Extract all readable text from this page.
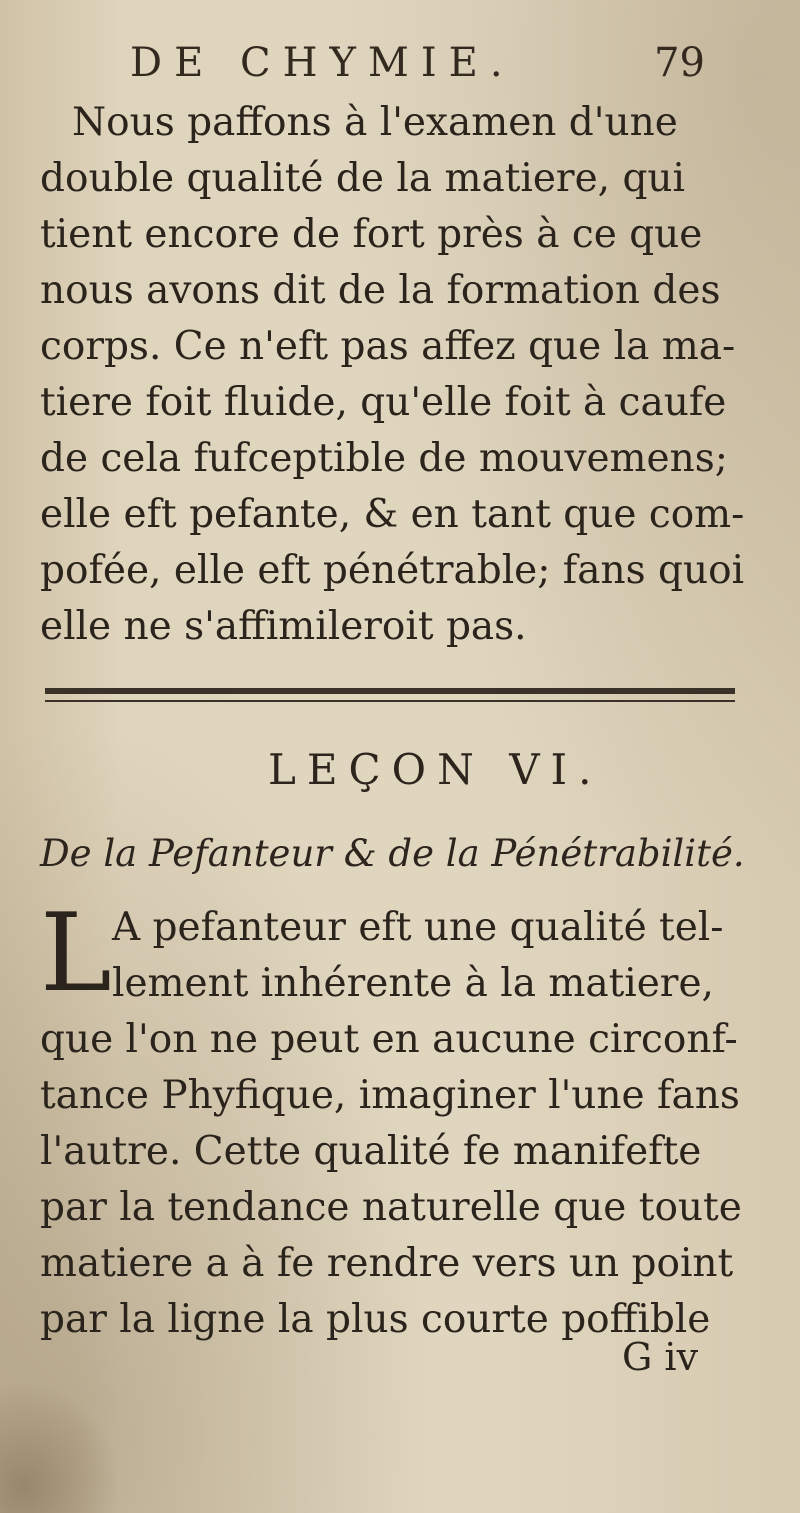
DE CHYMIE.	79
Nous paffons à l'examen d'une
double qualité de la matiere, qui
tient encore de fort près à ce que
nous avons dit de la formation des
corps. Ce n'eft pas affez que la ma-
tiere foit fluide, qu'elle foit à caufe
de cela fufceptible de mouvemens;
elle eft pefante, & en tant que com-
pofée, elle eft pénétrable; fans quoi
elle ne s'affimileroit pas.
LEÇON VI.
De la Pefanteur & de la Pénétrabilité.
L A pefanteur eft une qualité tel-
lement inhérente à la matiere,
que l'on ne peut en aucune circonf-
tance Phyfique, imaginer l'une fans
l'autre. Cette qualité fe manifefte
par la tendance naturelle que toute
matiere a à fe rendre vers un point
par la ligne la plus courte poffible
G iv
